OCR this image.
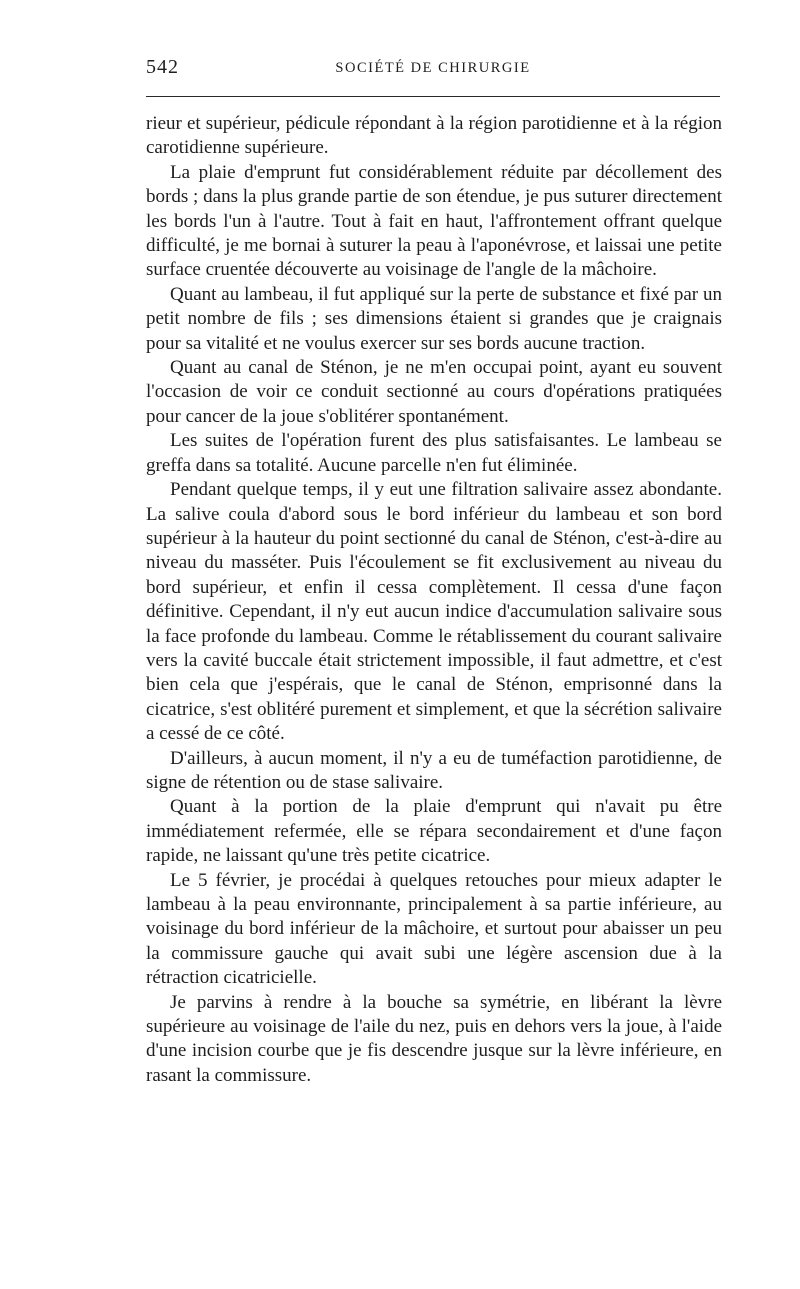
542	SOCIÉTÉ DE CHIRURGIE

rieur et supérieur, pédicule répondant à la région parotidienne et à la région carotidienne supérieure.

La plaie d'emprunt fut considérablement réduite par décollement des bords ; dans la plus grande partie de son étendue, je pus suturer directement les bords l'un à l'autre. Tout à fait en haut, l'affrontement offrant quelque difficulté, je me bornai à suturer la peau à l'aponévrose, et laissai une petite surface cruentée découverte au voisinage de l'angle de la mâchoire.

Quant au lambeau, il fut appliqué sur la perte de substance et fixé par un petit nombre de fils ; ses dimensions étaient si grandes que je craignais pour sa vitalité et ne voulus exercer sur ses bords aucune traction.

Quant au canal de Sténon, je ne m'en occupai point, ayant eu souvent l'occasion de voir ce conduit sectionné au cours d'opérations pratiquées pour cancer de la joue s'oblitérer spontanément.

Les suites de l'opération furent des plus satisfaisantes. Le lambeau se greffa dans sa totalité. Aucune parcelle n'en fut éliminée.

Pendant quelque temps, il y eut une filtration salivaire assez abondante. La salive coula d'abord sous le bord inférieur du lambeau et son bord supérieur à la hauteur du point sectionné du canal de Sténon, c'est-à-dire au niveau du masséter. Puis l'écoulement se fit exclusivement au niveau du bord supérieur, et enfin il cessa complètement. Il cessa d'une façon définitive. Cependant, il n'y eut aucun indice d'accumulation salivaire sous la face profonde du lambeau. Comme le rétablissement du courant salivaire vers la cavité buccale était strictement impossible, il faut admettre, et c'est bien cela que j'espérais, que le canal de Sténon, emprisonné dans la cicatrice, s'est oblitéré purement et simplement, et que la sécrétion salivaire a cessé de ce côté.

D'ailleurs, à aucun moment, il n'y a eu de tuméfaction parotidienne, de signe de rétention ou de stase salivaire.

Quant à la portion de la plaie d'emprunt qui n'avait pu être immédiatement refermée, elle se répara secondairement et d'une façon rapide, ne laissant qu'une très petite cicatrice.

Le 5 février, je procédai à quelques retouches pour mieux adapter le lambeau à la peau environnante, principalement à sa partie inférieure, au voisinage du bord inférieur de la mâchoire, et surtout pour abaisser un peu la commissure gauche qui avait subi une légère ascension due à la rétraction cicatricielle.

Je parvins à rendre à la bouche sa symétrie, en libérant la lèvre supérieure au voisinage de l'aile du nez, puis en dehors vers la joue, à l'aide d'une incision courbe que je fis descendre jusque sur la lèvre inférieure, en rasant la commissure.
